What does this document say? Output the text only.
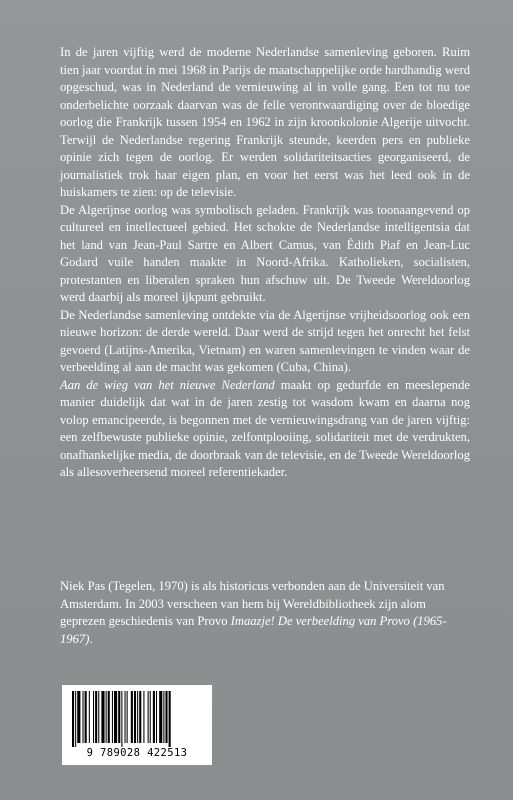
In de jaren vijftig werd de moderne Nederlandse samenleving geboren. Ruim tien jaar voordat in mei 1968 in Parijs de maatschappelijke orde hardhandig werd opgeschud, was in Nederland de vernieuwing al in volle gang. Een tot nu toe onderbelichte oorzaak daarvan was de felle verontwaardiging over de bloedige oorlog die Frankrijk tussen 1954 en 1962 in zijn kroonkolonie Algerije uitvocht. Terwijl de Nederlandse regering Frankrijk steunde, keerden pers en publieke opinie zich tegen de oorlog. Er werden solidariteitsacties georganiseerd, de journalistiek trok haar eigen plan, en voor het eerst was het leed ook in de huiskamers te zien: op de televisie.

De Algerijnse oorlog was symbolisch geladen. Frankrijk was toonaangevend op cultureel en intellectueel gebied. Het schokte de Nederlandse intelligentsia dat het land van Jean-Paul Sartre en Albert Camus, van Édith Piaf en Jean-Luc Godard vuile handen maakte in Noord-Afrika. Katholieken, socialisten, protestanten en liberalen spraken hun afschuw uit. De Tweede Wereldoorlog werd daarbij als moreel ijkpunt gebruikt.

De Nederlandse samenleving ontdekte via de Algerijnse vrijheidsoorlog ook een nieuwe horizon: de derde wereld. Daar werd de strijd tegen het onrecht het felst gevoerd (Latijns-Amerika, Vietnam) en waren samenlevingen te vinden waar de verbeelding al aan de macht was gekomen (Cuba, China).

Aan de wieg van het nieuwe Nederland maakt op gedurfde en meeslepende manier duidelijk dat wat in de jaren zestig tot wasdom kwam en daarna nog volop emancipeerde, is begonnen met de vernieuwingsdrang van de jaren vijftig: een zelfbewuste publieke opinie, zelfontplooiing, solidariteit met de verdrukten, onafhankelijke media, de doorbraak van de televisie, en de Tweede Wereldoorlog als allesoverheersend moreel referentiekader.

Niek Pas (Tegelen, 1970) is als historicus verbonden aan de Universiteit van Amsterdam. In 2003 verscheen van hem bij Wereldbibliotheek zijn alom geprezen geschiedenis van Provo Imaazje! De verbeelding van Provo (1965-1967).

9 789028 422513
